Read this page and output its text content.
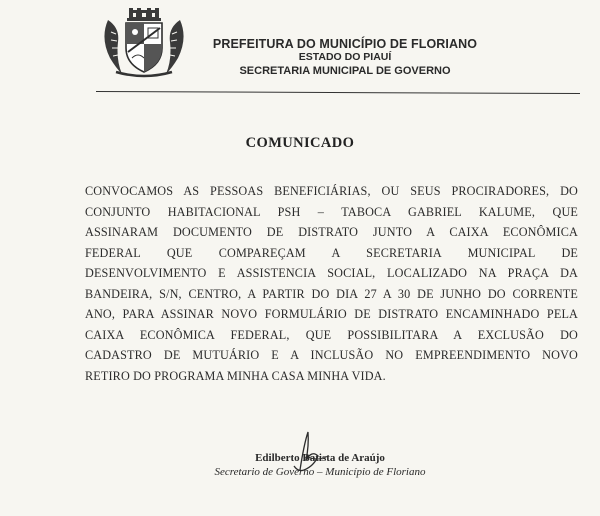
PREFEITURA DO MUNICÍPIO DE FLORIANO
ESTADO DO PIAUÍ
SECRETARIA MUNICIPAL DE GOVERNO
COMUNICADO
CONVOCAMOS AS PESSOAS BENEFICIÁRIAS, OU SEUS PROCIRADORES, DO
CONJUNTO HABITACIONAL PSH – TABOCA GABRIEL KALUME, QUE
ASSINARAM DOCUMENTO DE DISTRATO JUNTO A CAIXA ECONÔMICA
FEDERAL QUE COMPAREÇAM A SECRETARIA MUNICIPAL DE
DESENVOLVIMENTO E ASSISTENCIA SOCIAL, LOCALIZADO NA PRAÇA DA
BANDEIRA, S/N, CENTRO, A PARTIR DO DIA 27 A 30 DE JUNHO DO CORRENTE
ANO, PARA ASSINAR NOVO FORMULÁRIO DE DISTRATO ENCAMINHADO PELA
CAIXA ECONÔMICA FEDERAL, QUE POSSIBILITARA A EXCLUSÃO DO
CADASTRO DE MUTUÁRIO E A INCLUSÃO NO EMPREENDIMENTO NOVO
RETIRO DO PROGRAMA MINHA CASA MINHA VIDA.
Edilberto Batista de Araújo
Secretario de Governo – Município de Floriano
